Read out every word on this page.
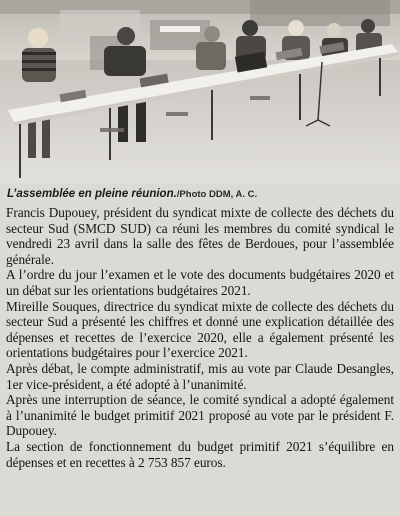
L’assemblée en pleine réunion./Photo DDM, A. C.

Francis Dupouey, président du syndicat mixte de collecte des déchets du secteur Sud (SMCD SUD) ca réuni les membres du comité syndical le vendredi 23 avril dans la salle des fêtes de Berdoues, pour l’assemblée générale.

A l’ordre du jour l’examen et le vote des documents budgétaires 2020 et un débat sur les orientations budgétaires 2021.

Mireille Souques, directrice du syndicat mixte de collecte des déchets du secteur Sud a présenté les chiffres et donné une explication détaillée des dépenses et recettes de l’exercice 2020, elle a également présenté les orientations budgétaires pour l’exercice 2021.

Après débat, le compte administratif, mis au vote par Claude Desangles, 1er vice-président, a été adopté à l’unanimité.

Après une interruption de séance, le comité syndical a adopté également à l’unanimité le budget primitif 2021 proposé au vote par le président F. Dupouey.

La section de fonctionnement du budget primitif 2021 s’équilibre en dépenses et en recettes à 2 753 857 euros.
